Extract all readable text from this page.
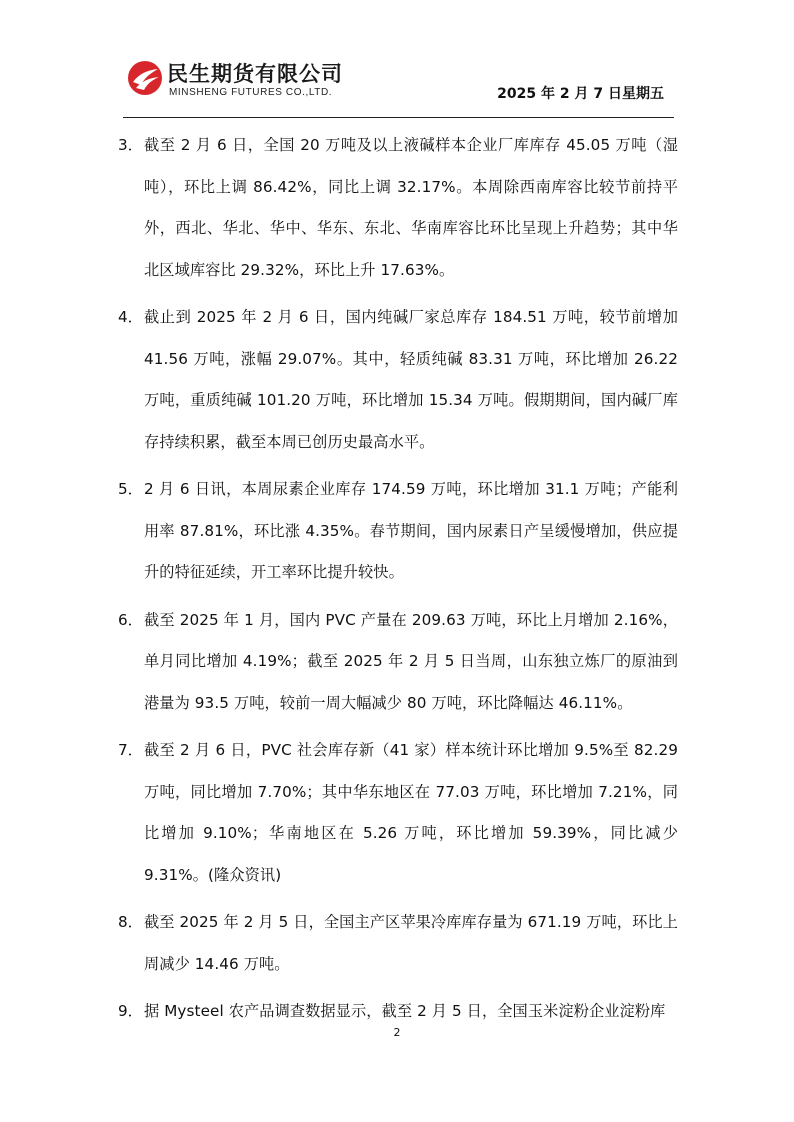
民生期货有限公司
MINSHENG FUTURES CO.,LTD.	2025 年 2 月 7 日星期五
3． 截至 2 月 6 日，全国 20 万吨及以上液碱样本企业厂库库存 45.05 万吨（湿吨），环比上调 86.42%，同比上调 32.17%。本周除西南库容比较节前持平外，西北、华北、华中、华东、东北、华南库容比环比呈现上升趋势；其中华北区域库容比 29.32%，环比上升 17.63%。
4． 截止到 2025 年 2 月 6 日，国内纯碱厂家总库存 184.51 万吨，较节前增加 41.56 万吨，涨幅 29.07%。其中，轻质纯碱 83.31 万吨，环比增加 26.22 万吨，重质纯碱 101.20 万吨，环比增加 15.34 万吨。假期期间，国内碱厂库存持续积累，截至本周已创历史最高水平。
5． 2 月 6 日讯，本周尿素企业库存 174.59 万吨，环比增加 31.1 万吨；产能利用率 87.81%，环比涨 4.35%。春节期间，国内尿素日产呈缓慢增加，供应提升的特征延续，开工率环比提升较快。
6． 截至 2025 年 1 月，国内 PVC 产量在 209.63 万吨，环比上月增加 2.16%，单月同比增加 4.19%；截至 2025 年 2 月 5 日当周，山东独立炼厂的原油到港量为 93.5 万吨，较前一周大幅减少 80 万吨，环比降幅达 46.11%。
7． 截至 2 月 6 日，PVC 社会库存新（41 家）样本统计环比增加 9.5%至 82.29 万吨，同比增加 7.70%；其中华东地区在 77.03 万吨，环比增加 7.21%，同比增加 9.10%；华南地区在 5.26 万吨，环比增加 59.39%，同比减少 9.31%。(隆众资讯)
8． 截至 2025 年 2 月 5 日，全国主产区苹果冷库库存量为 671.19 万吨，环比上周减少 14.46 万吨。
9． 据 Mysteel 农产品调查数据显示，截至 2 月 5 日，全国玉米淀粉企业淀粉库
2
